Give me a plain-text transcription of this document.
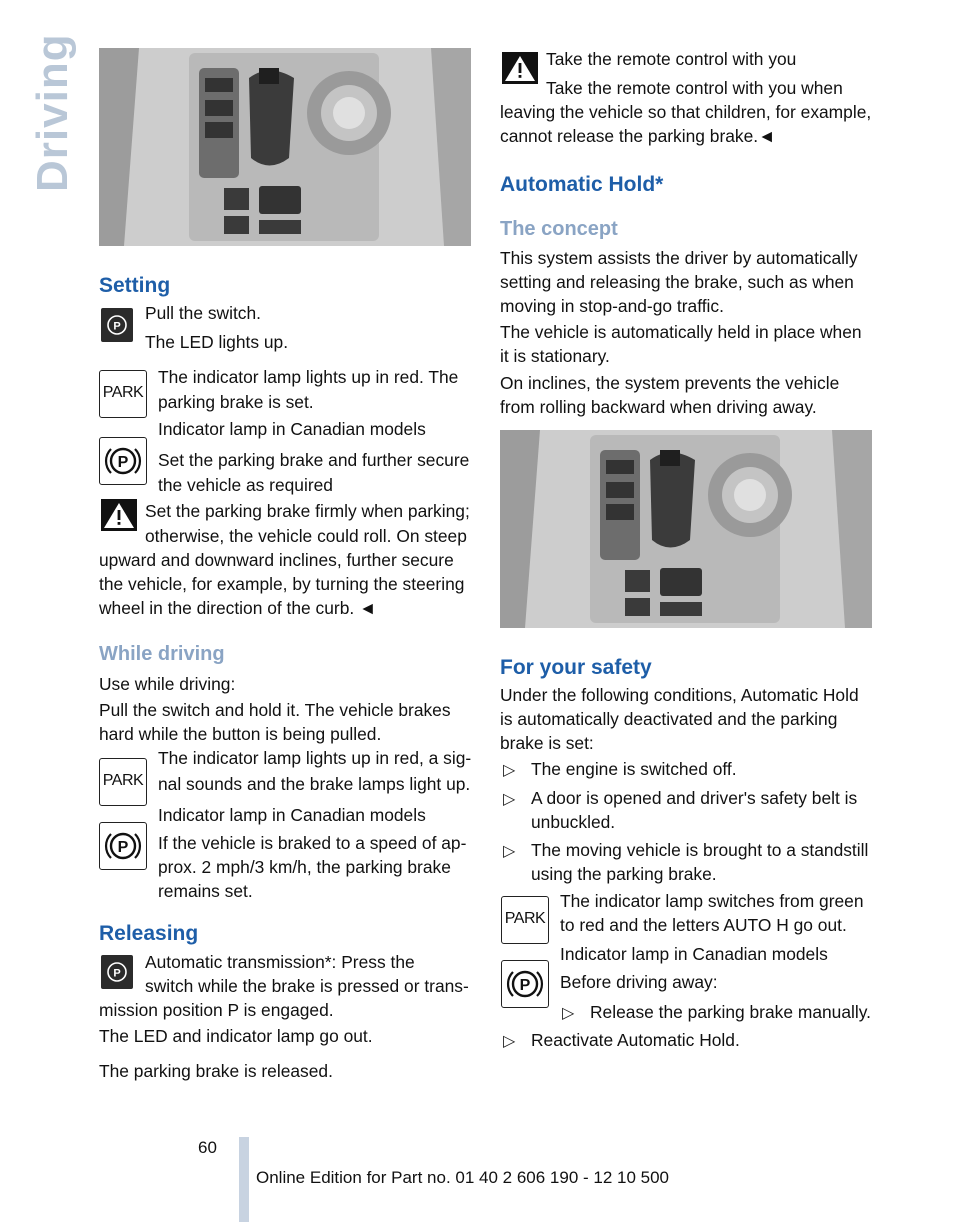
Driving
Setting
P

Pull the switch.

The LED lights up.

PARK

The indicator lamp lights up in red. The

parking brake is set.

Indicator lamp in Canadian models

P Set the parking brake and further secure

the vehicle as required

Set the parking brake firmly when parking;

otherwise, the vehicle could roll. On steep

upward and downward inclines, further secure

the vehicle, for example, by turning the steering

wheel in the direction of the curb. ◄

While driving

Use while driving:

Pull the switch and hold it. The vehicle brakes

hard while the button is being pulled.

PARK

The indicator lamp lights up in red, a sig‐

nal sounds and the brake lamps light up.

Indicator lamp in Canadian models

P If the vehicle is braked to a speed of ap‐

prox. 2 mph/3 km/h, the parking brake

remains set.

Releasing
P

Automatic transmission*: Press the

switch while the brake is pressed or trans‐

mission position P is engaged.

The LED and indicator lamp go out.

The parking brake is released.

Take the remote control with you

Take the remote control with you when

leaving the vehicle so that children, for example,

cannot release the parking brake.◄

Automatic Hold*
The concept

This system assists the driver by automatically

setting and releasing the brake, such as when

moving in stop-and-go traffic.

The vehicle is automatically held in place when

it is stationary.

On inclines, the system prevents the vehicle

from rolling backward when driving away.

For your safety

Under the following conditions, Automatic Hold

is automatically deactivated and the parking

brake is set:

▷ The engine is switched off.

▷ A door is opened and driver's safety belt is

unbuckled.

▷ The moving vehicle is brought to a standstill

using the parking brake.

PARK

The indicator lamp switches from green

to red and the letters AUTO H go out.

Indicator lamp in Canadian models

P Before driving away:

▷ Release the parking brake manually.

▷ Reactivate Automatic Hold.

60
Online Edition for Part no. 01 40 2 606 190 - 12 10 500
